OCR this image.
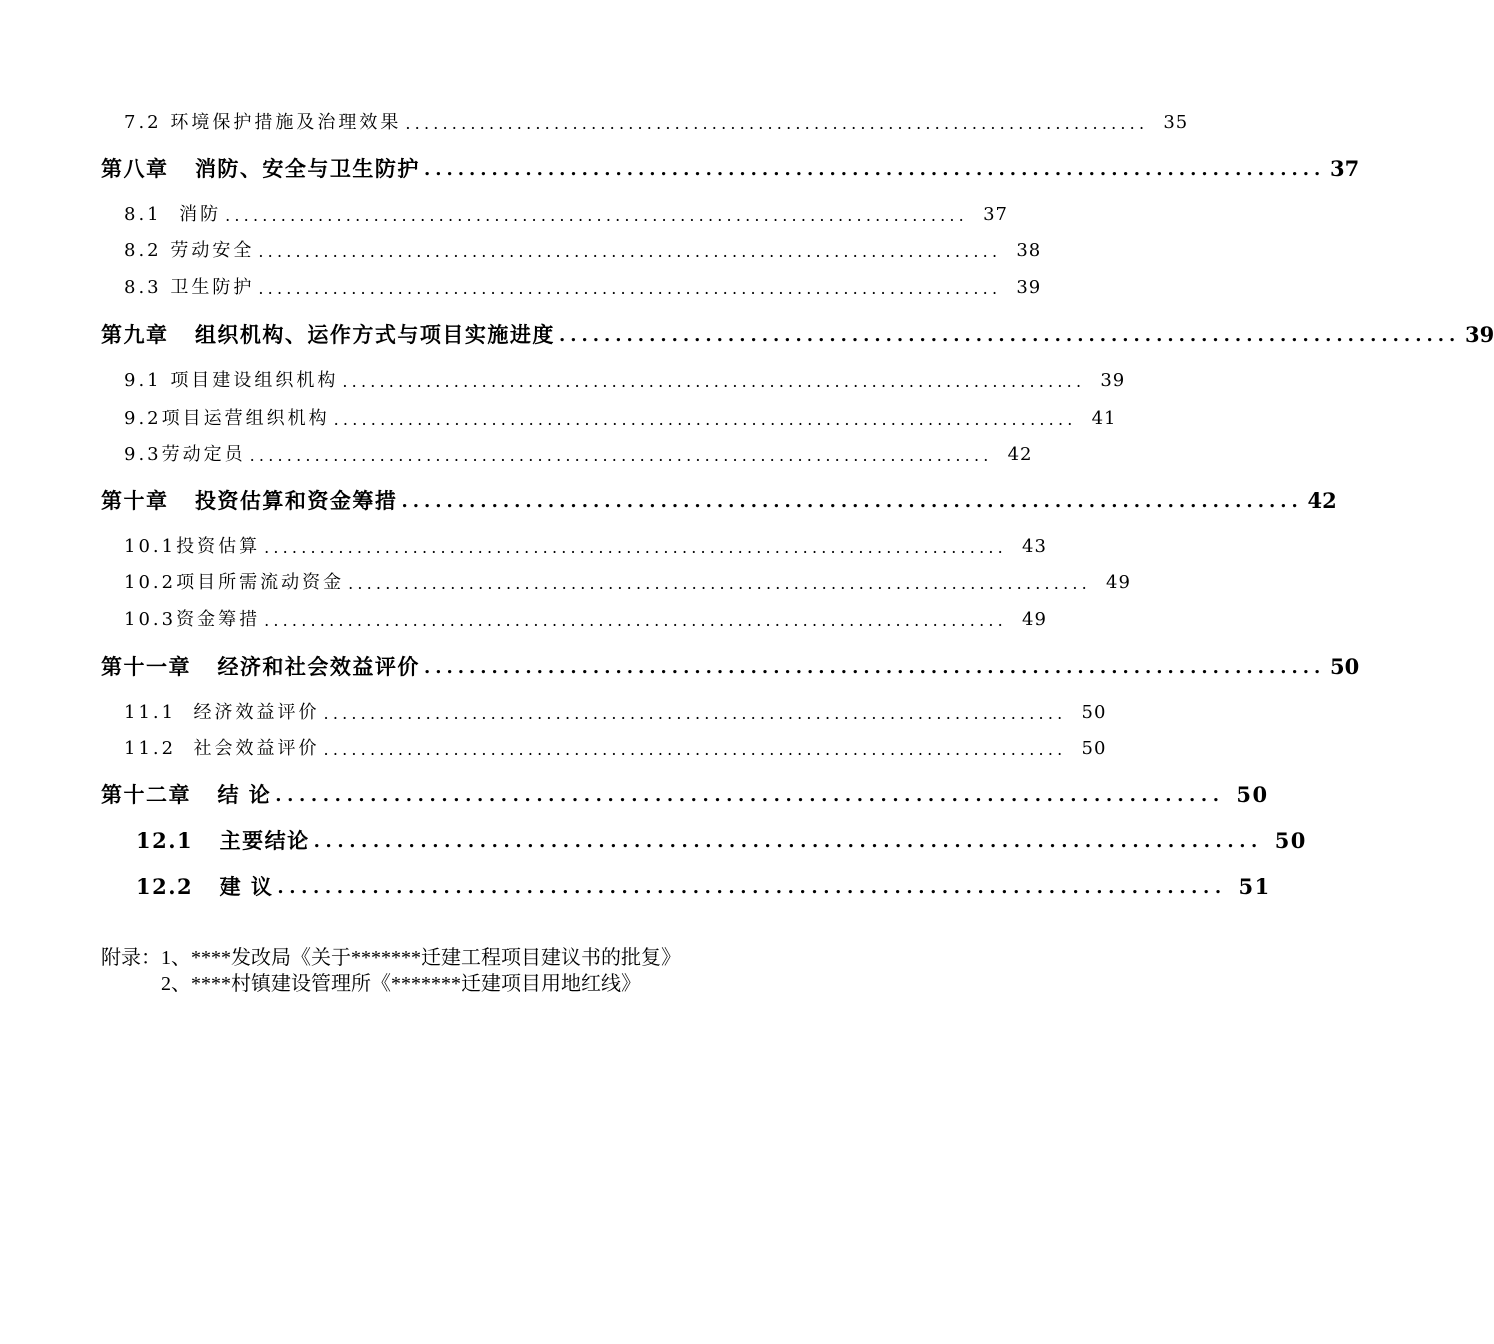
7.2 环境保护措施及治理效果 ................................................................................ 35
第八章 消防、安全与卫生防护 ................................................................................ 37
8.1 消防 ................................................................................ 37
8.2 劳动安全 ................................................................................ 38
8.3 卫生防护 ................................................................................ 39
第九章 组织机构、运作方式与项目实施进度 ................................................................................ 39
9.1 项目建设组织机构 ................................................................................ 39
9.2项目运营组织机构 ................................................................................ 41
9.3劳动定员 ................................................................................ 42
第十章 投资估算和资金筹措 ................................................................................ 42
10.1投资估算 ................................................................................ 43
10.2项目所需流动资金 ................................................................................ 49
10.3资金筹措 ................................................................................ 49
第十一章 经济和社会效益评价 ................................................................................ 50
11.1 经济效益评价 ................................................................................ 50
11.2 社会效益评价 ................................................................................ 50
第十二章 结 论 ................................................................................ 50
12.1 主要结论 ................................................................................ 50
12.2 建 议 ................................................................................ 51
附录：1、****发改局《关于*******迁建工程项目建议书的批复》
2、****村镇建设管理所《*******迁建项目用地红线》
